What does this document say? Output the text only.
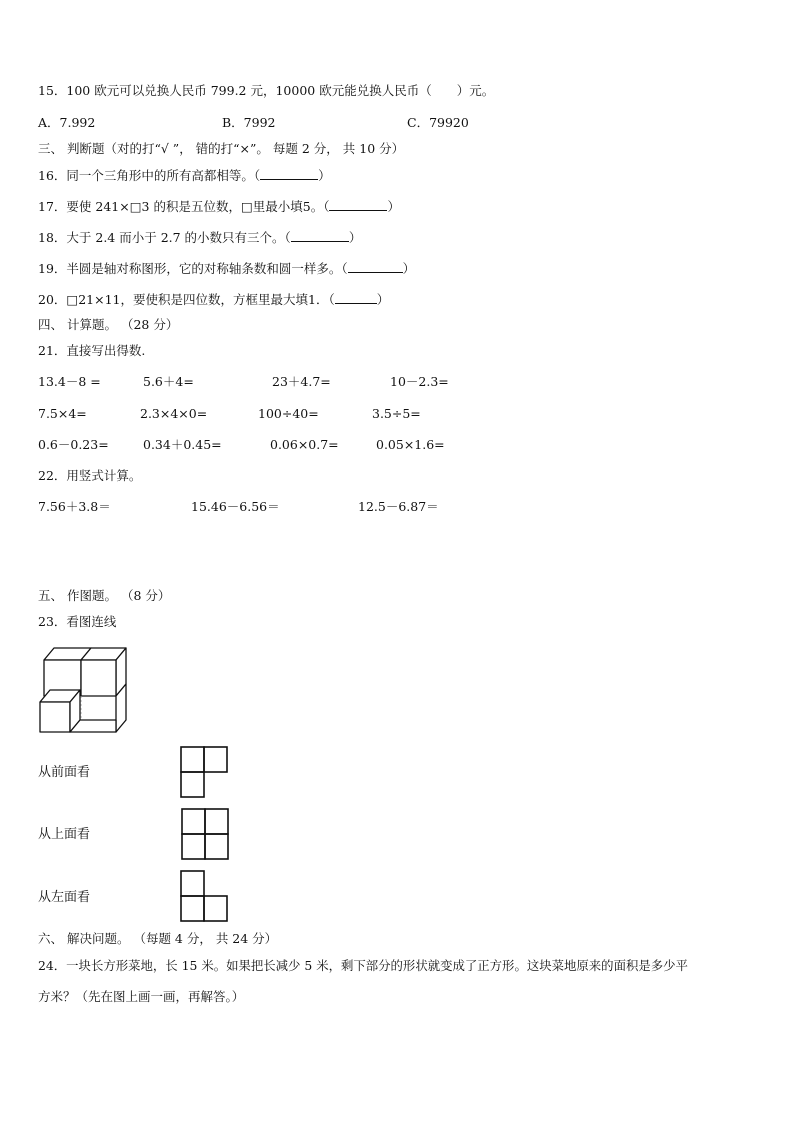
15．100 欧元可以兑换人民币 799.2 元，10000 欧元能兑换人民币（　　）元。
A．7.992	B．7992	C．79920
三、 判断题（对的打“√ ”， 错的打“×”。 每题 2 分， 共 10 分）
16．同一个三角形中的所有高都相等。（	）
17．要使 241×□3 的积是五位数，□里最小填5。（	）
18．大于 2.4 而小于 2.7 的小数只有三个。（	）
19．半圆是轴对称图形，它的对称轴条数和圆一样多。（	）
20．□21×11，要使积是四位数，方框里最大填1．（	）
四、 计算题。 （28 分）
21．直接写出得数.
13.4－8 =	5.6＋4=	23＋4.7=	10－2.3=
7.5×4=	2.3×4×0=	100÷40=	3.5÷5=
0.6－0.23=	0.34＋0.45=	0.06×0.7=	0.05×1.6=
22．用竖式计算。
7.56＋3.8＝	15.46－6.56＝	12.5－6.87＝
五、 作图题。 （8 分）
23．看图连线
从前面看
从上面看
从左面看
六、 解决问题。 （每题 4 分， 共 24 分）
24．一块长方形菜地，长 15 米。如果把长减少 5 米，剩下部分的形状就变成了正方形。这块菜地原来的面积是多少平
方米？（先在图上画一画，再解答。）
